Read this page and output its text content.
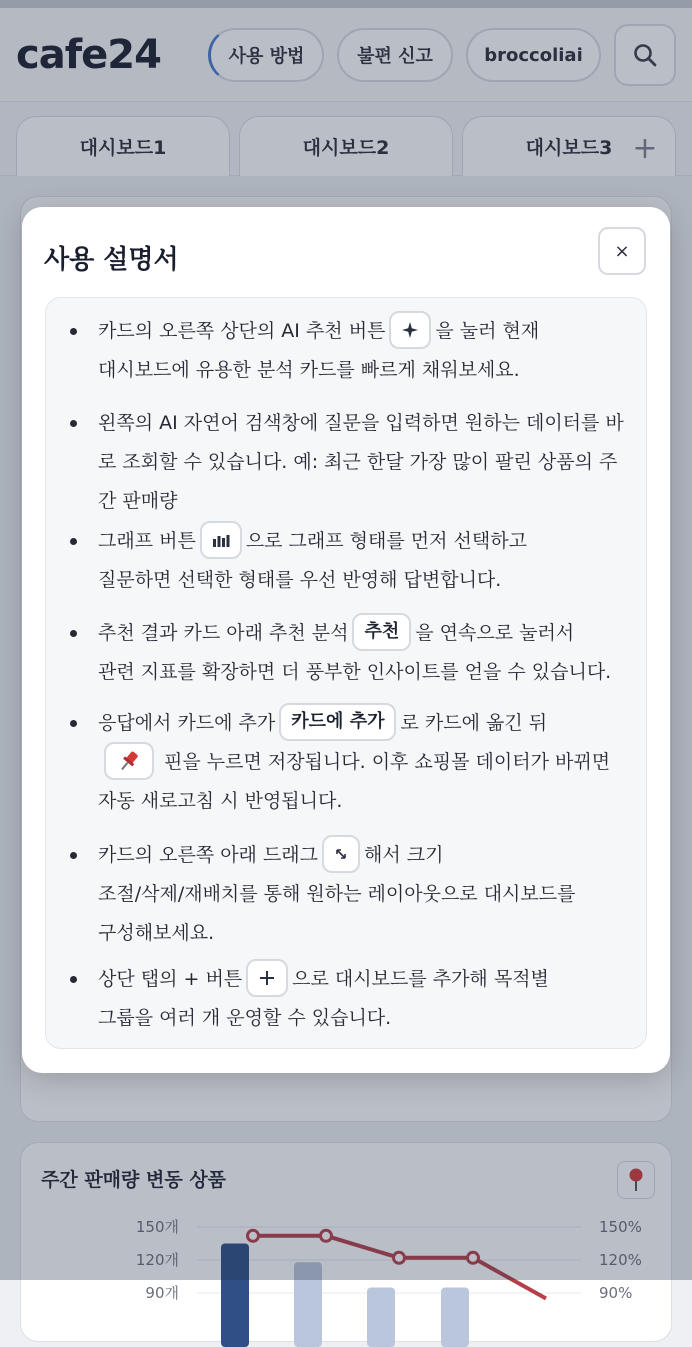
cafe24	사용 방법	불편 신고	broccoliai
대시보드1	대시보드2	대시보드3 +
주간 판매량 변동 상품
150개	150%
120개	120%
90개	90%
사용 설명서	×
카드의 오른쪽 상단의 AI 추천 버튼	을 눌러 현재
대시보드에 유용한 분석 카드를 빠르게 채워보세요.
왼쪽의 AI 자연어 검색창에 질문을 입력하면 원하는 데이터를 바로 조회할 수 있습니다. 예: 최근 한달 가장 많이 팔린 상품의 주간 판매량
그래프 버튼	으로 그래프 형태를 먼저 선택하고
질문하면 선택한 형태를 우선 반영해 답변합니다.
추천 결과 카드 아래 추천 분석 추천 을 연속으로 눌러서
관련 지표를 확장하면 더 풍부한 인사이트를 얻을 수 있습니다.
응답에서 카드에 추가 카드에 추가 로 카드에 옮긴 뒤

핀을 누르면 저장됩니다. 이후 쇼핑몰 데이터가 바뀌면
자동 새로고침 시 반영됩니다.
카드의 오른쪽 아래 드래그 해서 크기
조절/삭제/재배치를 통해 원하는 레이아웃으로 대시보드를
구성해보세요.
상단 탭의 + 버튼	으로 대시보드를 추가해 목적별
그룹을 여러 개 운영할 수 있습니다.
